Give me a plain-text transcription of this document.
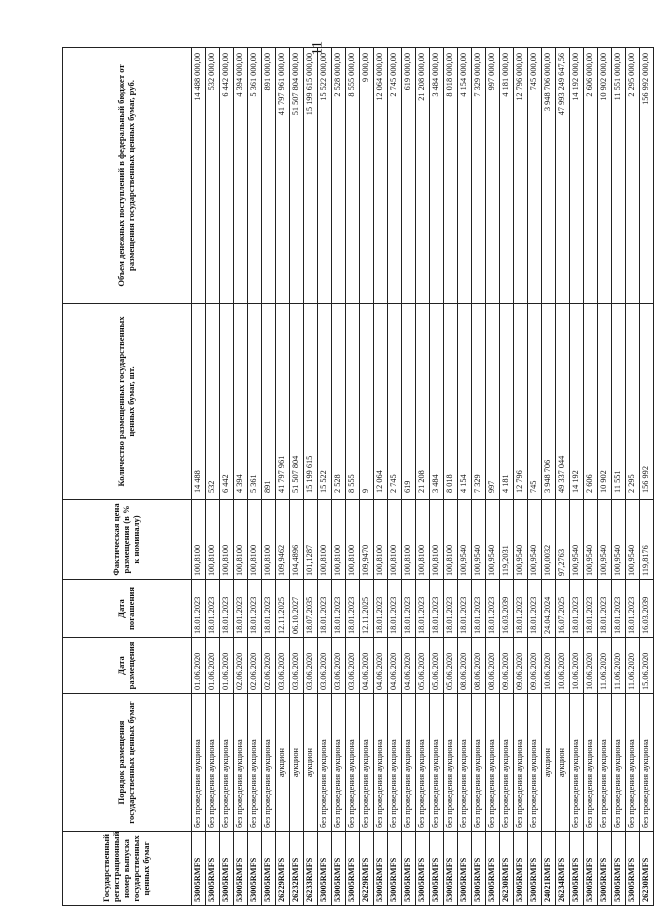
11
Государственный регистрационный номер выпуска государственных ценных бумаг	Порядок размещения государственных ценных бумаг	Дата размещения	Дата погашения	Фактическая цена размещения (в % к номиналу)	Количество размещенных государственных ценных бумаг, шт.	Объем денежных поступлений в федеральный бюджет от размещения государственных ценных бумаг, руб.
53005RMFS	без проведения аукциона	01.06.2020	18.01.2023	100,8100	14 488	14 488 000,00
53005RMFS	без проведения аукциона	01.06.2020	18.01.2023	100,8100	532	532 000,00
53005RMFS	без проведения аукциона	01.06.2020	18.01.2023	100,8100	6 442	6 442 000,00
53005RMFS	без проведения аукциона	02.06.2020	18.01.2023	100,8100	4 394	4 394 000,00
53005RMFS	без проведения аукциона	02.06.2020	18.01.2023	100,8100	5 361	5 361 000,00
53005RMFS	без проведения аукциона	02.06.2020	18.01.2023	100,8100	891	891 000,00
26229RMFS	аукцион	03.06.2020	12.11.2025	109,9462	41 797 961	41 797 961 000,00
26232RMFS	аукцион	03.06.2020	06.10.2027	104,4896	51 507 804	51 507 804 000,00
26233RMFS	аукцион	03.06.2020	18.07.2035	101,1287	15 199 615	15 199 615 000,00
53005RMFS	без проведения аукциона	03.06.2020	18.01.2023	100,8100	15 522	15 522 000,00
53005RMFS	без проведения аукциона	03.06.2020	18.01.2023	100,8100	2 528	2 528 000,00
53005RMFS	без проведения аукциона	03.06.2020	18.01.2023	100,8100	8 555	8 555 000,00
26229RMFS	без проведения аукциона	04.06.2020	12.11.2025	109,9470	9	9 000,00
53005RMFS	без проведения аукциона	04.06.2020	18.01.2023	100,8100	12 064	12 064 000,00
53005RMFS	без проведения аукциона	04.06.2020	18.01.2023	100,8100	2 745	2 745 000,00
53005RMFS	без проведения аукциона	04.06.2020	18.01.2023	100,8100	619	619 000,00
53005RMFS	без проведения аукциона	05.06.2020	18.01.2023	100,8100	21 208	21 208 000,00
53005RMFS	без проведения аукциона	05.06.2020	18.01.2023	100,8100	3 484	3 484 000,00
53005RMFS	без проведения аукциона	05.06.2020	18.01.2023	100,8100	8 018	8 018 000,00
53005RMFS	без проведения аукциона	08.06.2020	18.01.2023	100,9540	4 154	4 154 000,00
53005RMFS	без проведения аукциона	08.06.2020	18.01.2023	100,9540	7 329	7 329 000,00
53005RMFS	без проведения аукциона	08.06.2020	18.01.2023	100,9540	997	997 000,00
26230RMFS	без проведения аукциона	09.06.2020	16.03.2039	119,2031	4 181	4 181 000,00
53005RMFS	без проведения аукциона	09.06.2020	18.01.2023	100,9540	12 796	12 796 000,00
53005RMFS	без проведения аукциона	09.06.2020	18.01.2023	100,9540	745	745 000,00
24021RMFS	аукцион	10.06.2020	24.04.2024	100,0032	3 948 706	3 948 706 000,00
26234RMFS	аукцион	10.06.2020	16.07.2025	97,2763	49 337 044	47 993 249 647,56
53005RMFS	без проведения аукциона	10.06.2020	18.01.2023	100,9540	14 192	14 192 000,00
53005RMFS	без проведения аукциона	10.06.2020	18.01.2023	100,9540	2 606	2 606 000,00
53005RMFS	без проведения аукциона	11.06.2020	18.01.2023	100,9540	10 902	10 902 000,00
53005RMFS	без проведения аукциона	11.06.2020	18.01.2023	100,9540	11 551	11 551 000,00
53005RMFS	без проведения аукциона	11.06.2020	18.01.2023	100,9540	2 295	2 295 000,00
26230RMFS	без проведения аукциона	15.06.2020	16.03.2039	119,8176	156 992	156 992 000,00
